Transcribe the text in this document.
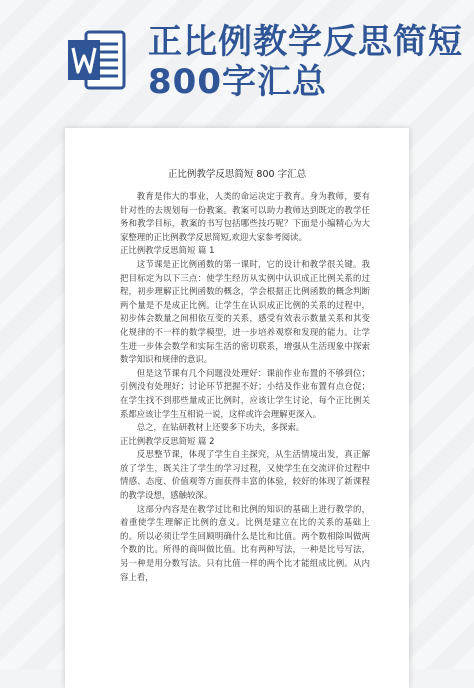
正比例教学反思简短800字汇总
正比例教学反思简短 800 字汇总

教育是伟大的事业，人类的命运决定于教育。身为教师，要有针对性的去规划每一份教案。教案可以助力教师达到既定的教学任务和教学目标，教案的书写包括哪些技巧呢？下面是小编精心为大家整理的正比例教学反思简短,欢迎大家参考阅读。

正比例教学反思简短 篇 1

这节课是正比例函数的第一课时，它的设计和教学很关键。我把目标定为以下三点：使学生经历从实例中认识成正比例关系的过程，初步理解正比例函数的概念，学会根据正比例函数的概念判断两个量是不是成正比例。让学生在认识成正比例的关系的过程中，初步体会数量之间相依互变的关系，感受有效表示数量关系和其变化规律的不一样的数学模型，进一步培养观察和发现的能力。让学生进一步体会数学和实际生活的密切联系，增强从生活现象中探索数学知识和规律的意识。

但是这节课有几个问题没处理好：课前作业布置的不够到位；引例没有处理好；讨论环节把握不好；小结及作业布置有点仓促；在学生找不到那些量成正比例时，应该让学生讨论，每个正比例关系都应该让学生互相说一说，这样或许会理解更深入。

总之，在钻研教材上还要多下功夫，多探索。

正比例教学反思简短 篇 2

反思整节课，体现了学生自主探究，从生活情境出发，真正解放了学生，既关注了学生的学习过程，又使学生在交流评价过程中情感、态度、价值观等方面获得丰富的体验，较好的体现了新课程的教学设想，感触较深。

这部分内容是在教学过比和比例的知识的基础上进行教学的，着重使学生理解正比例的意义。比例是建立在比的关系的基础上的。所以必须让学生回顾明确什么是比和比值。两个数相除叫做两个数的比。所得的商叫做比值。比有两种写法，一种是比号写法，另一种是用分数写法。只有比值一样的两个比才能组成比例。从内容上看，
